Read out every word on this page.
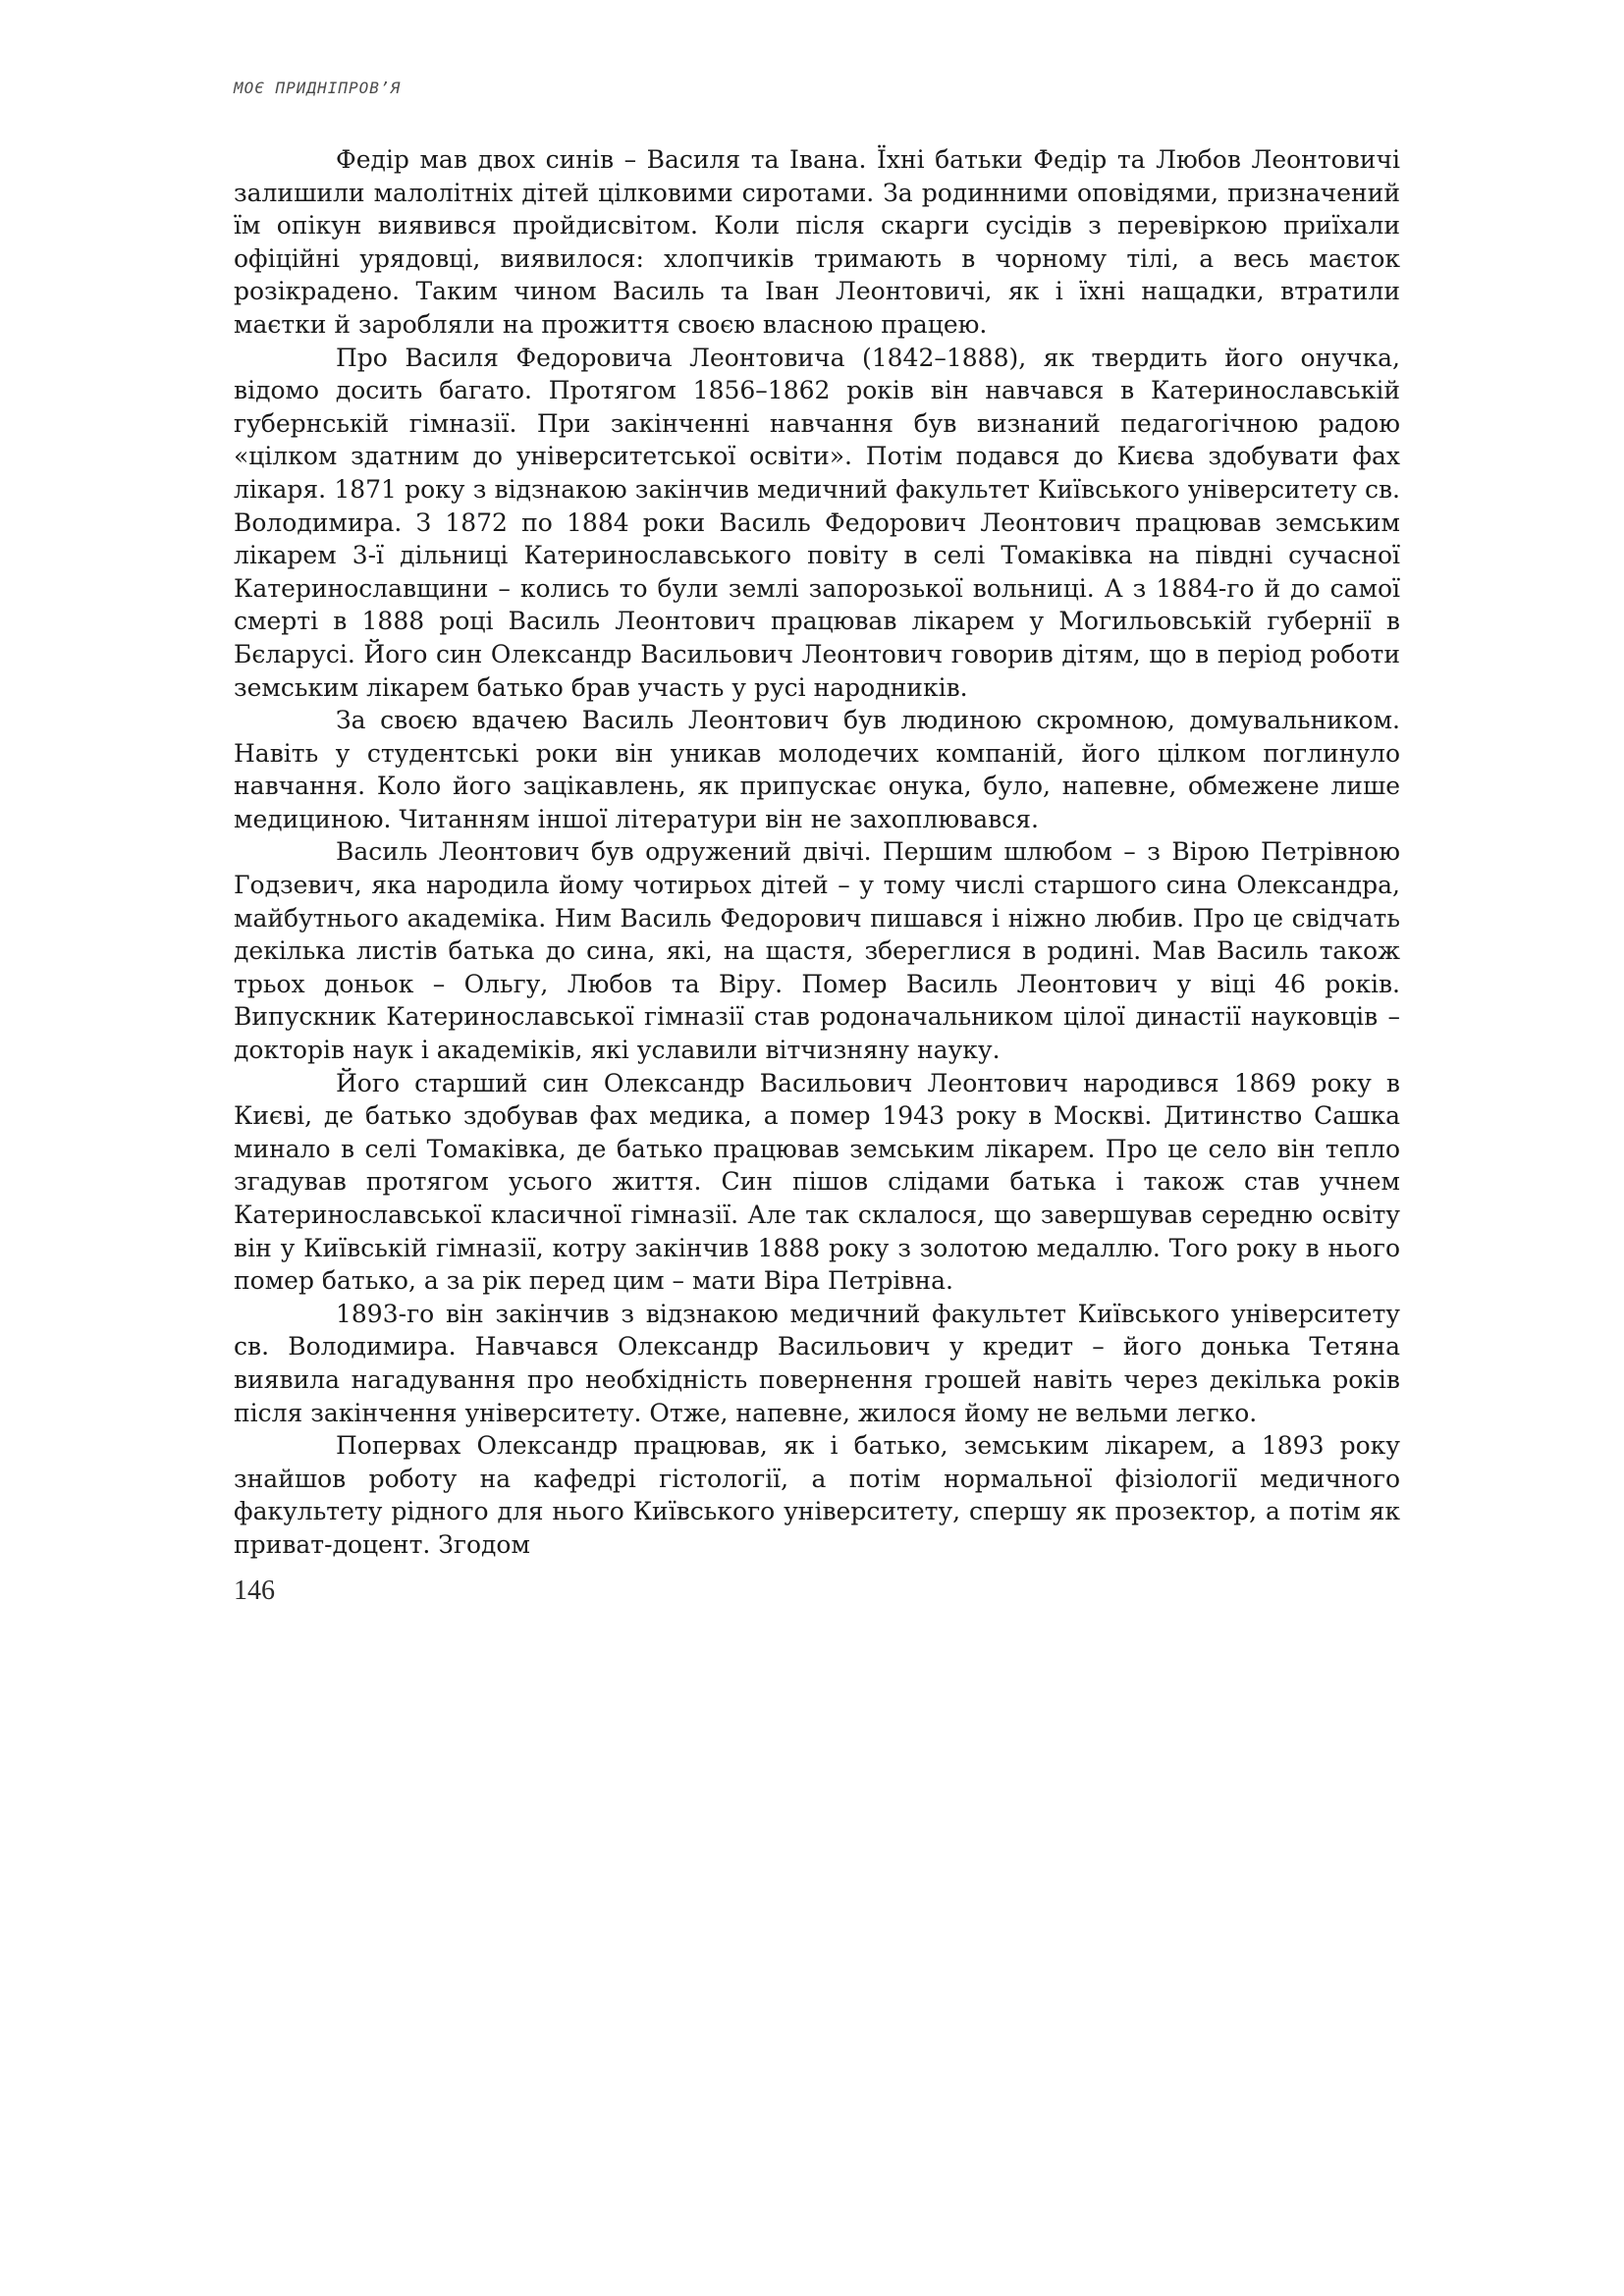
МОЄ ПРИДНІПРОВ’Я

Федір мав двох синів – Василя та Івана. Їхні батьки Федір та Любов Леонтовичі залишили малолітніх дітей цілковими сиротами. За родинними оповідями, призначений їм опікун виявився пройдисвітом. Коли після скарги сусідів з перевіркою приїхали офіційні урядовці, виявилося: хлопчиків тримають в чорному тілі, а весь маєток розікрадено. Таким чином Василь та Іван Леонтовичі, як і їхні нащадки, втратили маєтки й заробляли на прожиття своєю власною працею.

Про Василя Федоровича Леонтовича (1842–1888), як твердить його онучка, відомо досить багато. Протягом 1856–1862 років він навчався в Катеринославській губернській гімназії. При закінченні навчання був визнаний педагогічною радою «цілком здатним до університетської освіти». Потім подався до Києва здобувати фах лікаря. 1871 року з відзнакою закінчив медичний факультет Київського університету св. Володимира. З 1872 по 1884 роки Василь Федорович Леонтович працював земським лікарем 3-ї дільниці Катеринославського повіту в селі Томаківка на півдні сучасної Катеринославщини – колись то були землі запорозької вольниці. А з 1884-го й до самої смерті в 1888 році Василь Леонтович працював лікарем у Могильовській губернії в Бєларусі. Його син Олександр Васильович Леонтович говорив дітям, що в період роботи земським лікарем батько брав участь у русі народників.

За своєю вдачею Василь Леонтович був людиною скромною, домувальником. Навіть у студентські роки він уникав молодечих компаній, його цілком поглинуло навчання. Коло його зацікавлень, як припускає онука, було, напевне, обмежене лише медициною. Читанням іншої літератури він не захоплювався.

Василь Леонтович був одружений двічі. Першим шлюбом – з Вірою Петрівною Годзевич, яка народила йому чотирьох дітей – у тому числі старшого сина Олександра, майбутнього академіка. Ним Василь Федорович пишався і ніжно любив. Про це свідчать декілька листів батька до сина, які, на щастя, збереглися в родині. Мав Василь також трьох доньок – Ольгу, Любов та Віру. Помер Василь Леонтович у віці 46 років. Випускник Катеринославської гімназії став родоначальником цілої династії науковців – докторів наук і академіків, які уславили вітчизняну науку.

Його старший син Олександр Васильович Леонтович народився 1869 року в Києві, де батько здобував фах медика, а помер 1943 року в Москві. Дитинство Сашка минало в селі Томаківка, де батько працював земським лікарем. Про це село він тепло згадував протягом усього життя. Син пішов слідами батька і також став учнем Катеринославської класичної гімназії. Але так склалося, що завершував середню освіту він у Київській гімназії, котру закінчив 1888 року з золотою медаллю. Того року в нього помер батько, а за рік перед цим – мати Віра Петрівна.

1893-го він закінчив з відзнакою медичний факультет Київського університету св. Володимира. Навчався Олександр Васильович у кредит – його донька Тетяна виявила нагадування про необхідність повернення грошей навіть через декілька років після закінчення університету. Отже, напевне, жилося йому не вельми легко.

Попервах Олександр працював, як і батько, земським лікарем, а 1893 року знайшов роботу на кафедрі гістології, а потім нормальної фізіології медичного факультету рідного для нього Київського університету, спершу як прозектор, а потім як приват-доцент. Згодом

146
